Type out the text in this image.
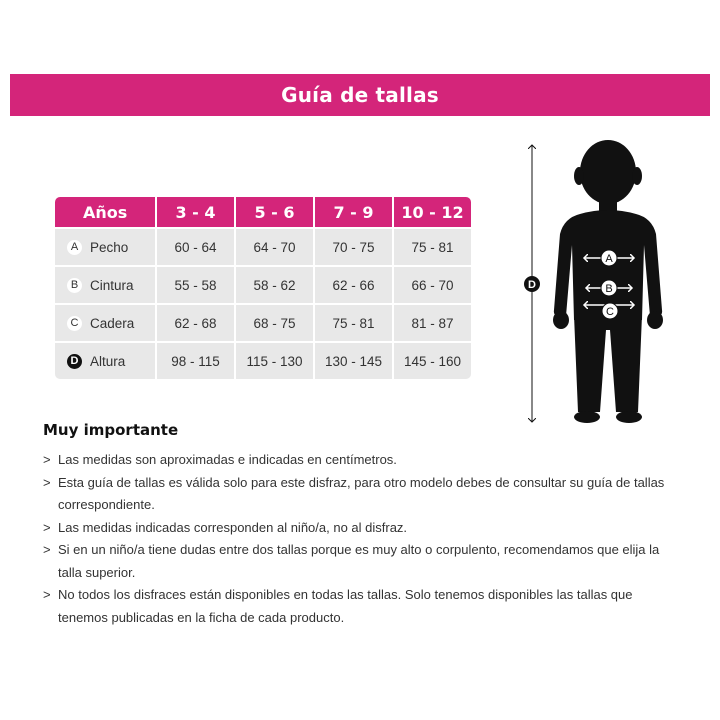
Guía de tallas
Años	3 - 4	5 - 6	7 - 9	10 - 12
A Pecho	60 - 64	64 - 70	70 - 75	75 - 81
B Cintura	55 - 58	58 - 62	62 - 66	66 - 70
C Cadera	62 - 68	68 - 75	75 - 81	81 - 87
D Altura	98 - 115	115 - 130	130 - 145	145 - 160
A
B
C
D
Muy importante
> Las medidas son aproximadas e indicadas en centímetros.
> Esta guía de tallas es válida solo para este disfraz, para otro modelo debes de consultar su guía de tallas correspondiente.
> Las medidas indicadas corresponden al niño/a, no al disfraz.
> Si en un niño/a tiene dudas entre dos tallas porque es muy alto o corpulento, recomendamos que elija la talla superior.
> No todos los disfraces están disponibles en todas las tallas. Solo tenemos disponibles las tallas que tenemos publicadas en la ficha de cada producto.
